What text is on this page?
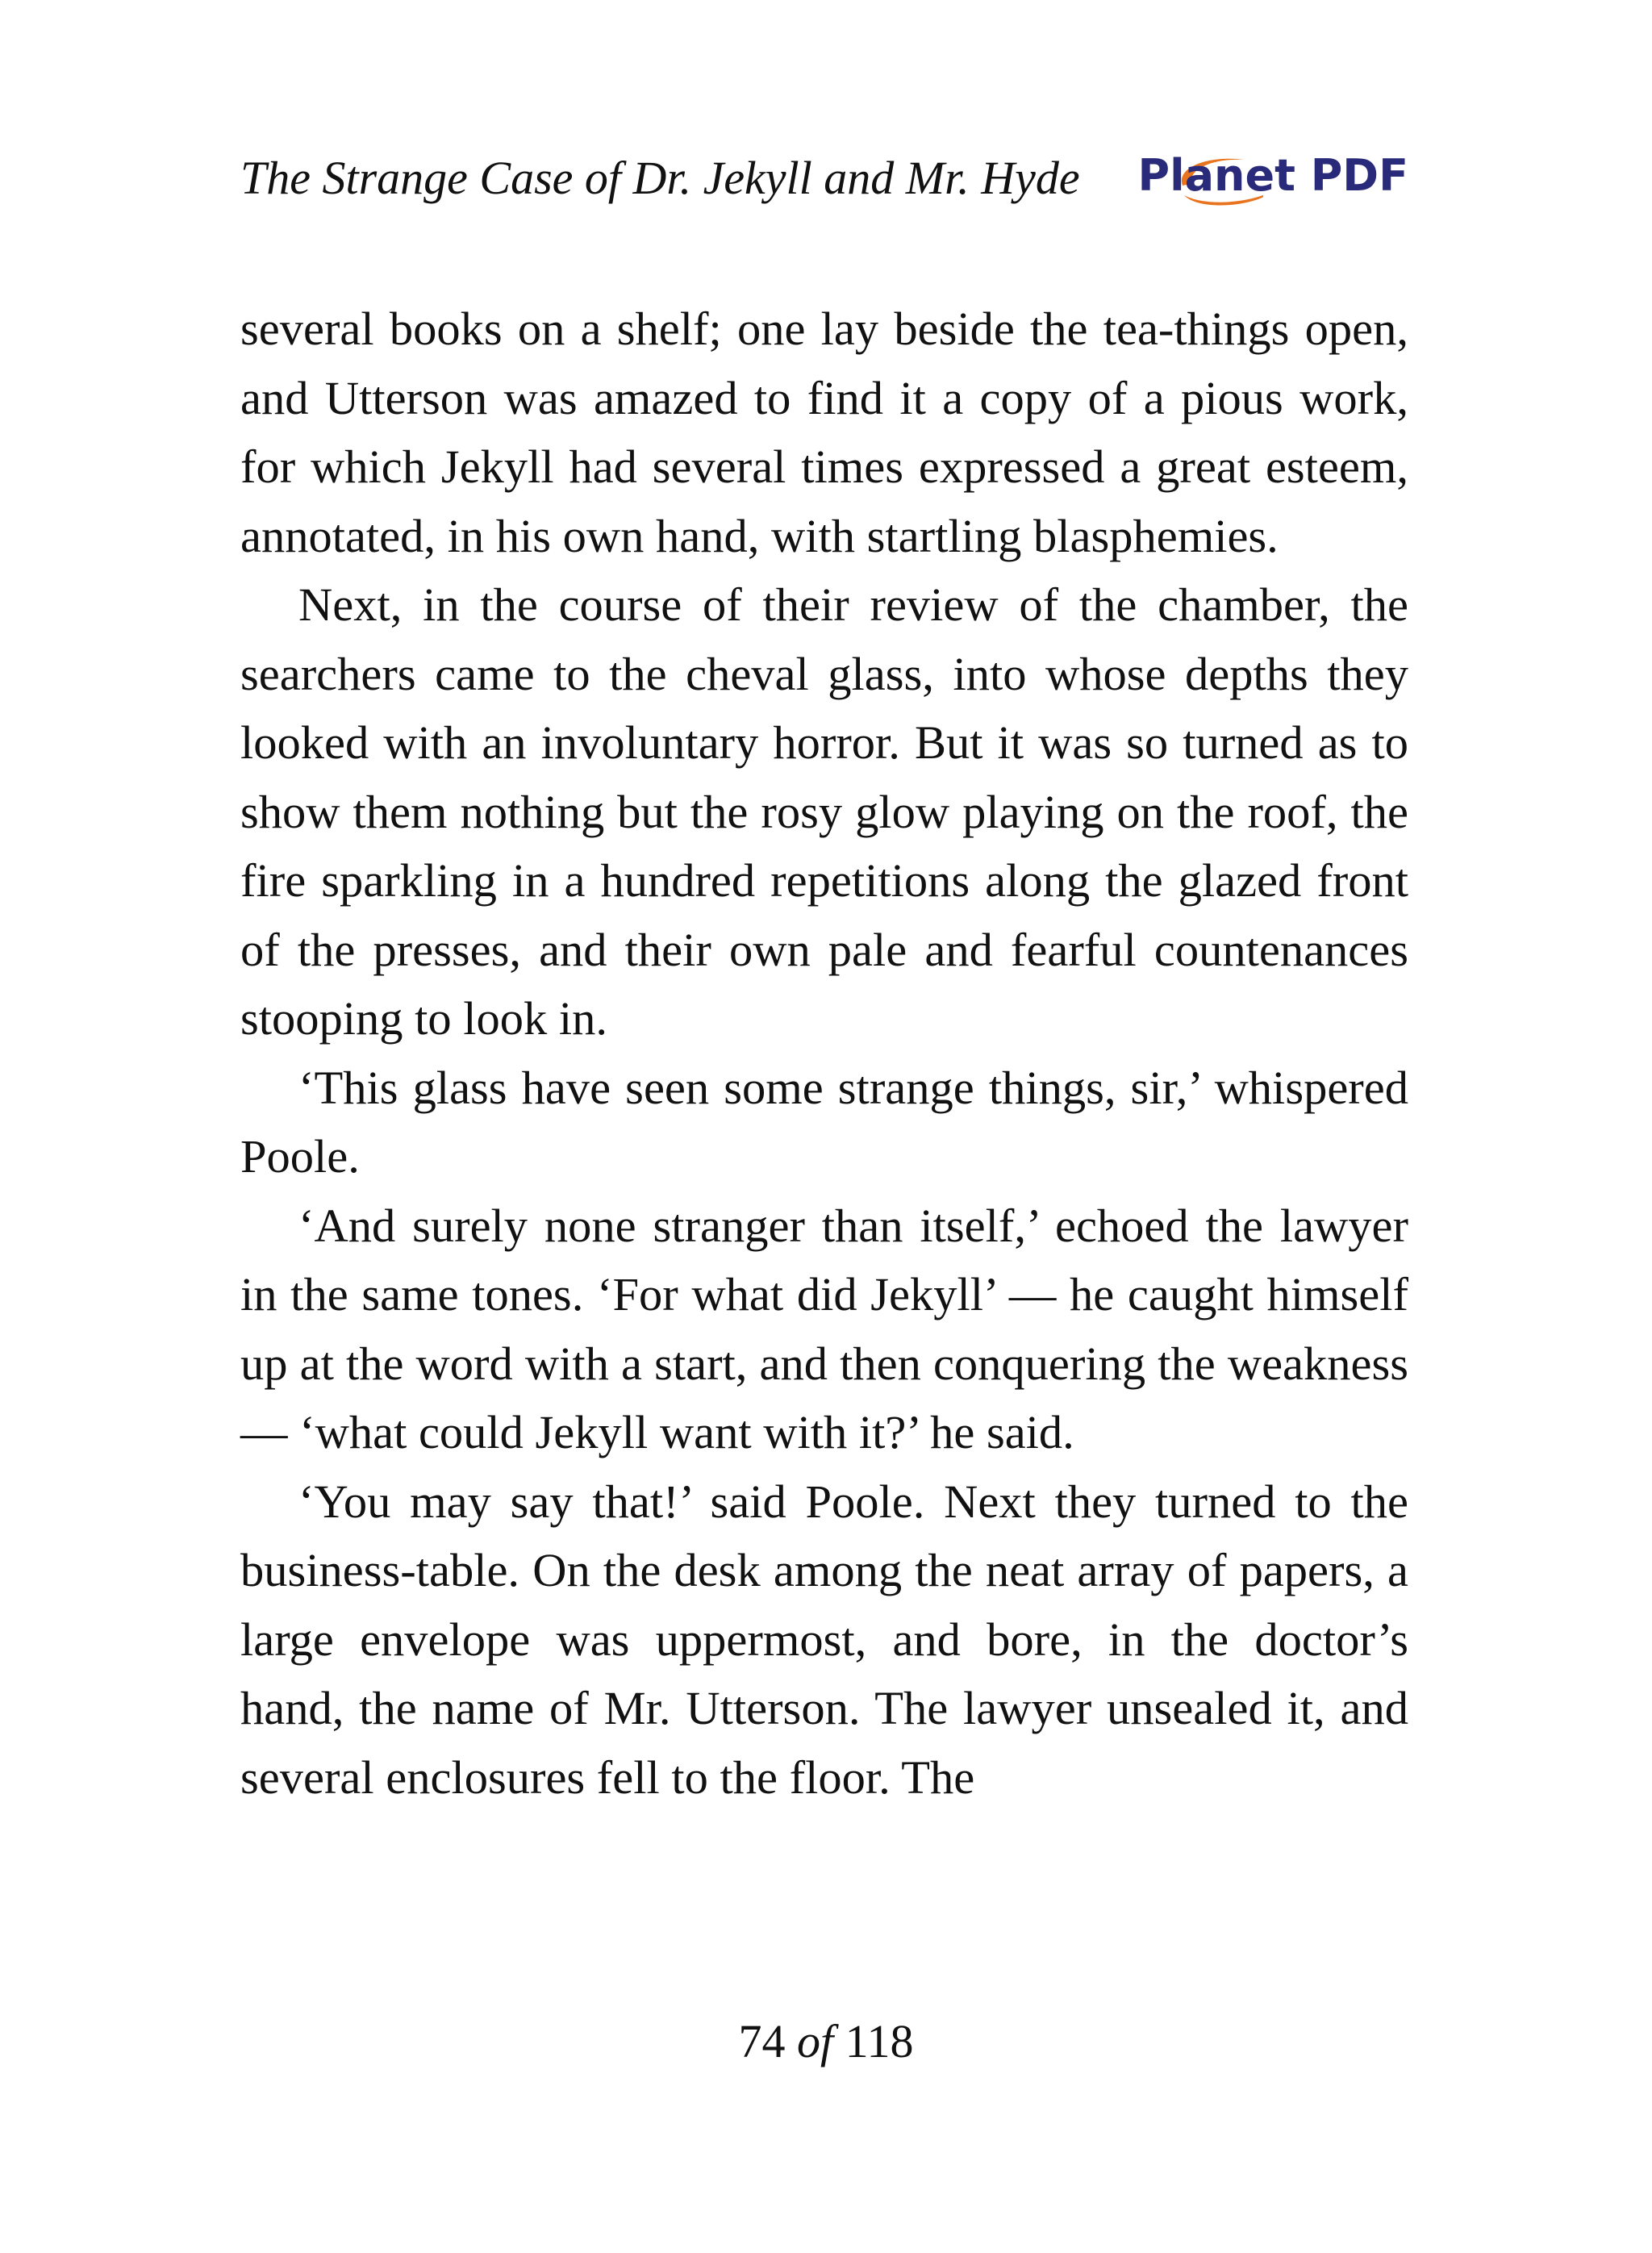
The Strange Case of Dr. Jekyll and Mr. Hyde Planet PDF

several books on a shelf; one lay beside the tea-things open, and Utterson was amazed to find it a copy of a pious work, for which Jekyll had several times expressed a great esteem, annotated, in his own hand, with startling blasphemies.

Next, in the course of their review of the chamber, the searchers came to the cheval glass, into whose depths they looked with an involuntary horror. But it was so turned as to show them nothing but the rosy glow playing on the roof, the fire sparkling in a hundred repetitions along the glazed front of the presses, and their own pale and fearful countenances stooping to look in.

‘This glass have seen some strange things, sir,’ whispered Poole.

‘And surely none stranger than itself,’ echoed the lawyer in the same tones. ‘For what did Jekyll’ — he caught himself up at the word with a start, and then conquering the weakness — ‘what could Jekyll want with it?’ he said.

‘You may say that!’ said Poole. Next they turned to the business-table. On the desk among the neat array of papers, a large envelope was uppermost, and bore, in the doctor’s hand, the name of Mr. Utterson. The lawyer unsealed it, and several enclosures fell to the floor. The

74 of 118
